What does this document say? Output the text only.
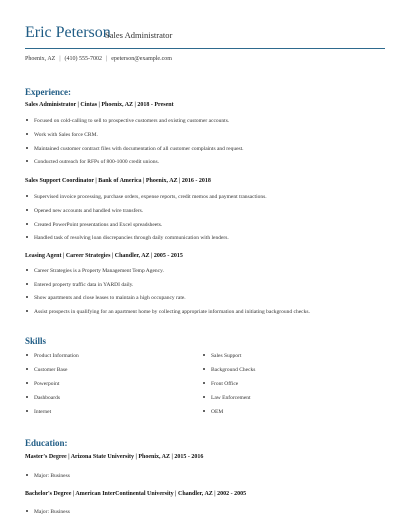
Eric Peterson
Sales Administrator
Phoenix, AZ | (410) 555-7002 | epeterson@example.com
Experience:
Sales Administrator | Cintas | Phoenix, AZ | 2018 - Present
Focused on cold-calling to sell to prospective customers and existing customer accounts.
Work with Sales force CRM.
Maintained customer contract files with documentation of all customer complaints and request.
Conducted outreach for RFPs of 800-1000 credit unions.
Sales Support Coordinator | Bank of America | Phoenix, AZ | 2016 - 2018
Supervised invoice processing, purchase orders, expense reports, credit memos and payment transactions.
Opened new accounts and handled wire transfers.
Created PowerPoint presentations and Excel spreadsheets.
Handled task of resolving loan discrepancies through daily communication with lenders.
Leasing Agent | Career Strategies | Chandler, AZ | 2005 - 2015
Career Strategies is a Property Management Temp Agency.
Entered property traffic data in YARDI daily.
Show apartments and close leases to maintain a high occupancy rate.
Assist prospects in qualifying for an apartment home by collecting appropriate information and initiating background checks.
Skills
Product Information
Customer Base
Powerpoint
Dashboards
Internet
Sales Support
Background Checks
Front Office
Law Enforcement
OEM
Education:
Master's Degree | Arizona State University | Phoenix, AZ | 2015 - 2016
Major: Business
Bachelor's Degree | American InterContinental University | Chandler, AZ | 2002 - 2005
Major: Business
